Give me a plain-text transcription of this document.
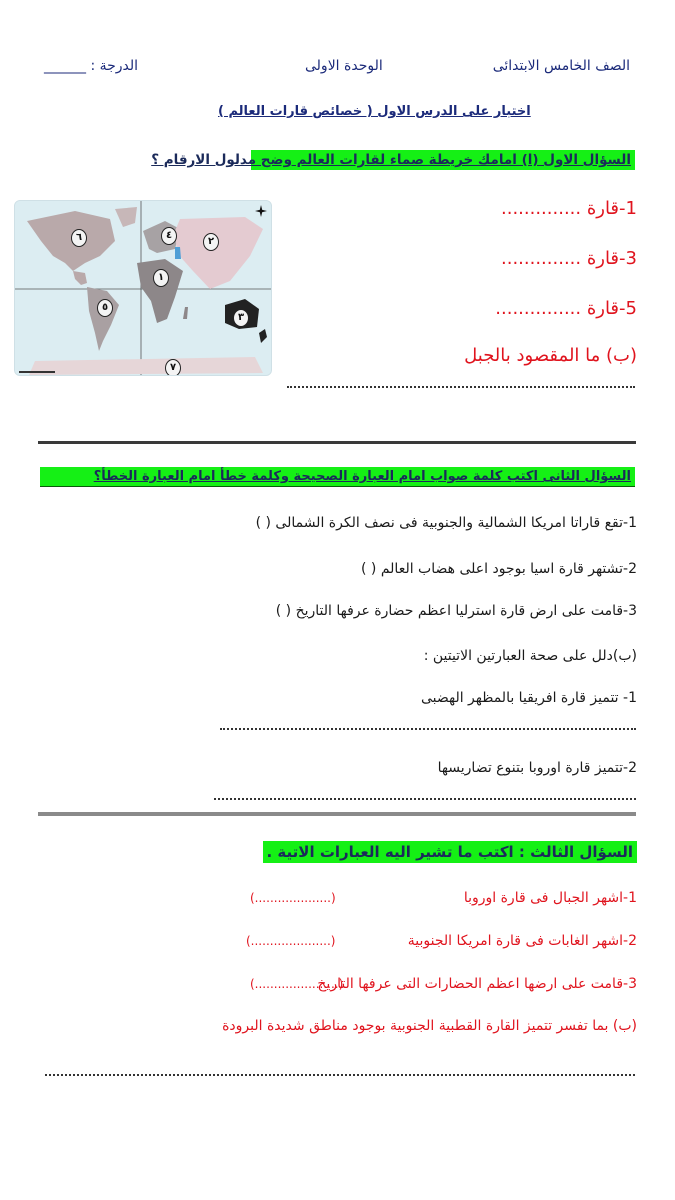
الصف الخامس الابتدائى
الوحدة الاولى
الدرجة : ______
اختبار على الدرس الاول ( خصائص قارات العالم )
السؤال الاول (ا) امامك خريطة صماء لقارات العالم وضح مدلول الارقام ؟
٦	٤
٢
١
٥
٣
٧
1-قارة ..............
3-قارة ..............
5-قارة ...............
(ب) ما المقصود بالجبل
السؤال الثانى اكتب كلمة صواب امام العبارة الصحيحة وكلمة خطأ امام العبارة الخطأ؟
1-تقع قاراتا امريكا الشمالية والجنوبية فى نصف الكرة الشمالى ( )
2-تشتهر قارة اسيا بوجود اعلى هضاب العالم ( )
3-قامت على ارض قارة استرليا اعظم حضارة عرفها التاريخ ( )
(ب)دلل على صحة العبارتين الاتيتين :
1- تتميز قارة افريقيا بالمظهر الهضبى
2-تتميز قارة اوروبا بتنوع تضاريسها
السؤال الثالث : اكتب ما تشير اليه العبارات الاتية .
1-اشهر الجبال فى قارة اوروبا
(....................)
2-اشهر الغابات فى قارة امريكا الجنوبية
(.....................)
3-قامت على ارضها اعظم الحضارات التى عرفها التاريخ
(......................)
(ب) بما تفسر تتميز القارة القطبية الجنوبية بوجود مناطق شديدة البرودة
